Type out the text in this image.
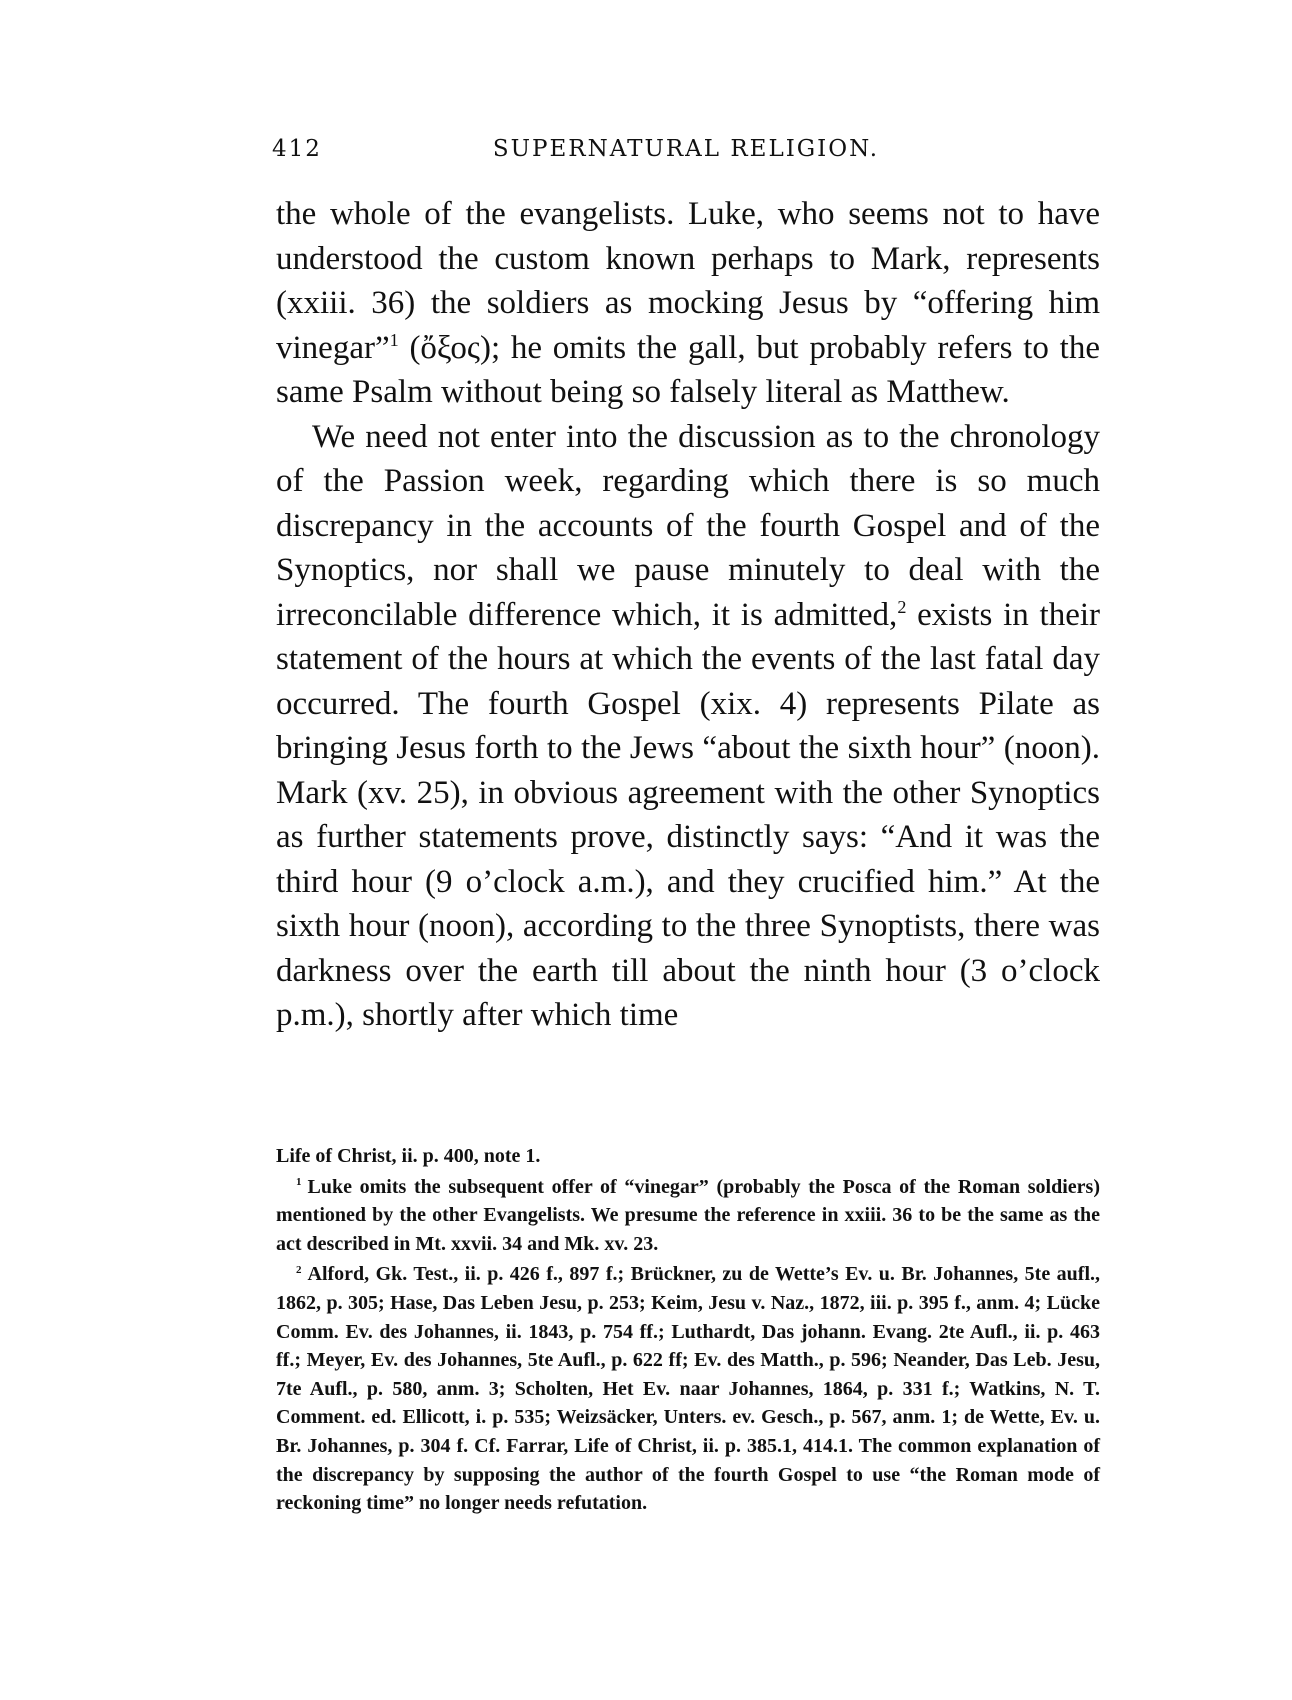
412	SUPERNATURAL RELIGION.

the whole of the evangelists. Luke, who seems not to have understood the custom known perhaps to Mark, represents (xxiii. 36) the soldiers as mocking Jesus by “offering him vinegar”$^1$ (ὄξος); he omits the gall, but probably refers to the same Psalm without being so falsely literal as Matthew.

We need not enter into the discussion as to the chronology of the Passion week, regarding which there is so much discrepancy in the accounts of the fourth Gospel and of the Synoptics, nor shall we pause minutely to deal with the irreconcilable difference which, it is admitted,$^2$ exists in their statement of the hours at which the events of the last fatal day occurred. The fourth Gospel (xix. 4) represents Pilate as bringing Jesus forth to the Jews “about the sixth hour” (noon). Mark (xv. 25), in obvious agreement with the other Synoptics as further statements prove, distinctly says: “And it was the third hour (9 o’clock a.m.), and they crucified him.” At the sixth hour (noon), according to the three Synoptists, there was darkness over the earth till about the ninth hour (3 o’clock p.m.), shortly after which time

Life of Christ, ii. p. 400, note 1.

$^1$ Luke omits the subsequent offer of “vinegar” (probably the Posca of the Roman soldiers) mentioned by the other Evangelists. We presume the reference in xxiii. 36 to be the same as the act described in Mt. xxvii. 34 and Mk. xv. 23.

$^2$ Alford, Gk. Test., ii. p. 426 f., 897 f.; Brückner, zu de Wette’s Ev. u. Br. Johannes, 5te aufl., 1862, p. 305; Hase, Das Leben Jesu, p. 253; Keim, Jesu v. Naz., 1872, iii. p. 395 f., anm. 4; Lücke Comm. Ev. des Johannes, ii. 1843, p. 754 ff.; Luthardt, Das johann. Evang. 2te Aufl., ii. p. 463 ff.; Meyer, Ev. des Johannes, 5te Aufl., p. 622 ff; Ev. des Matth., p. 596; Neander, Das Leb. Jesu, 7te Aufl., p. 580, anm. 3; Scholten, Het Ev. naar Johannes, 1864, p. 331 f.; Watkins, N. T. Comment. ed. Ellicott, i. p. 535; Weizsäcker, Unters. ev. Gesch., p. 567, anm. 1; de Wette, Ev. u. Br. Johannes, p. 304 f. Cf. Farrar, Life of Christ, ii. p. 385.1, 414.1. The common explanation of the discrepancy by supposing the author of the fourth Gospel to use “the Roman mode of reckoning time” no longer needs refutation.
